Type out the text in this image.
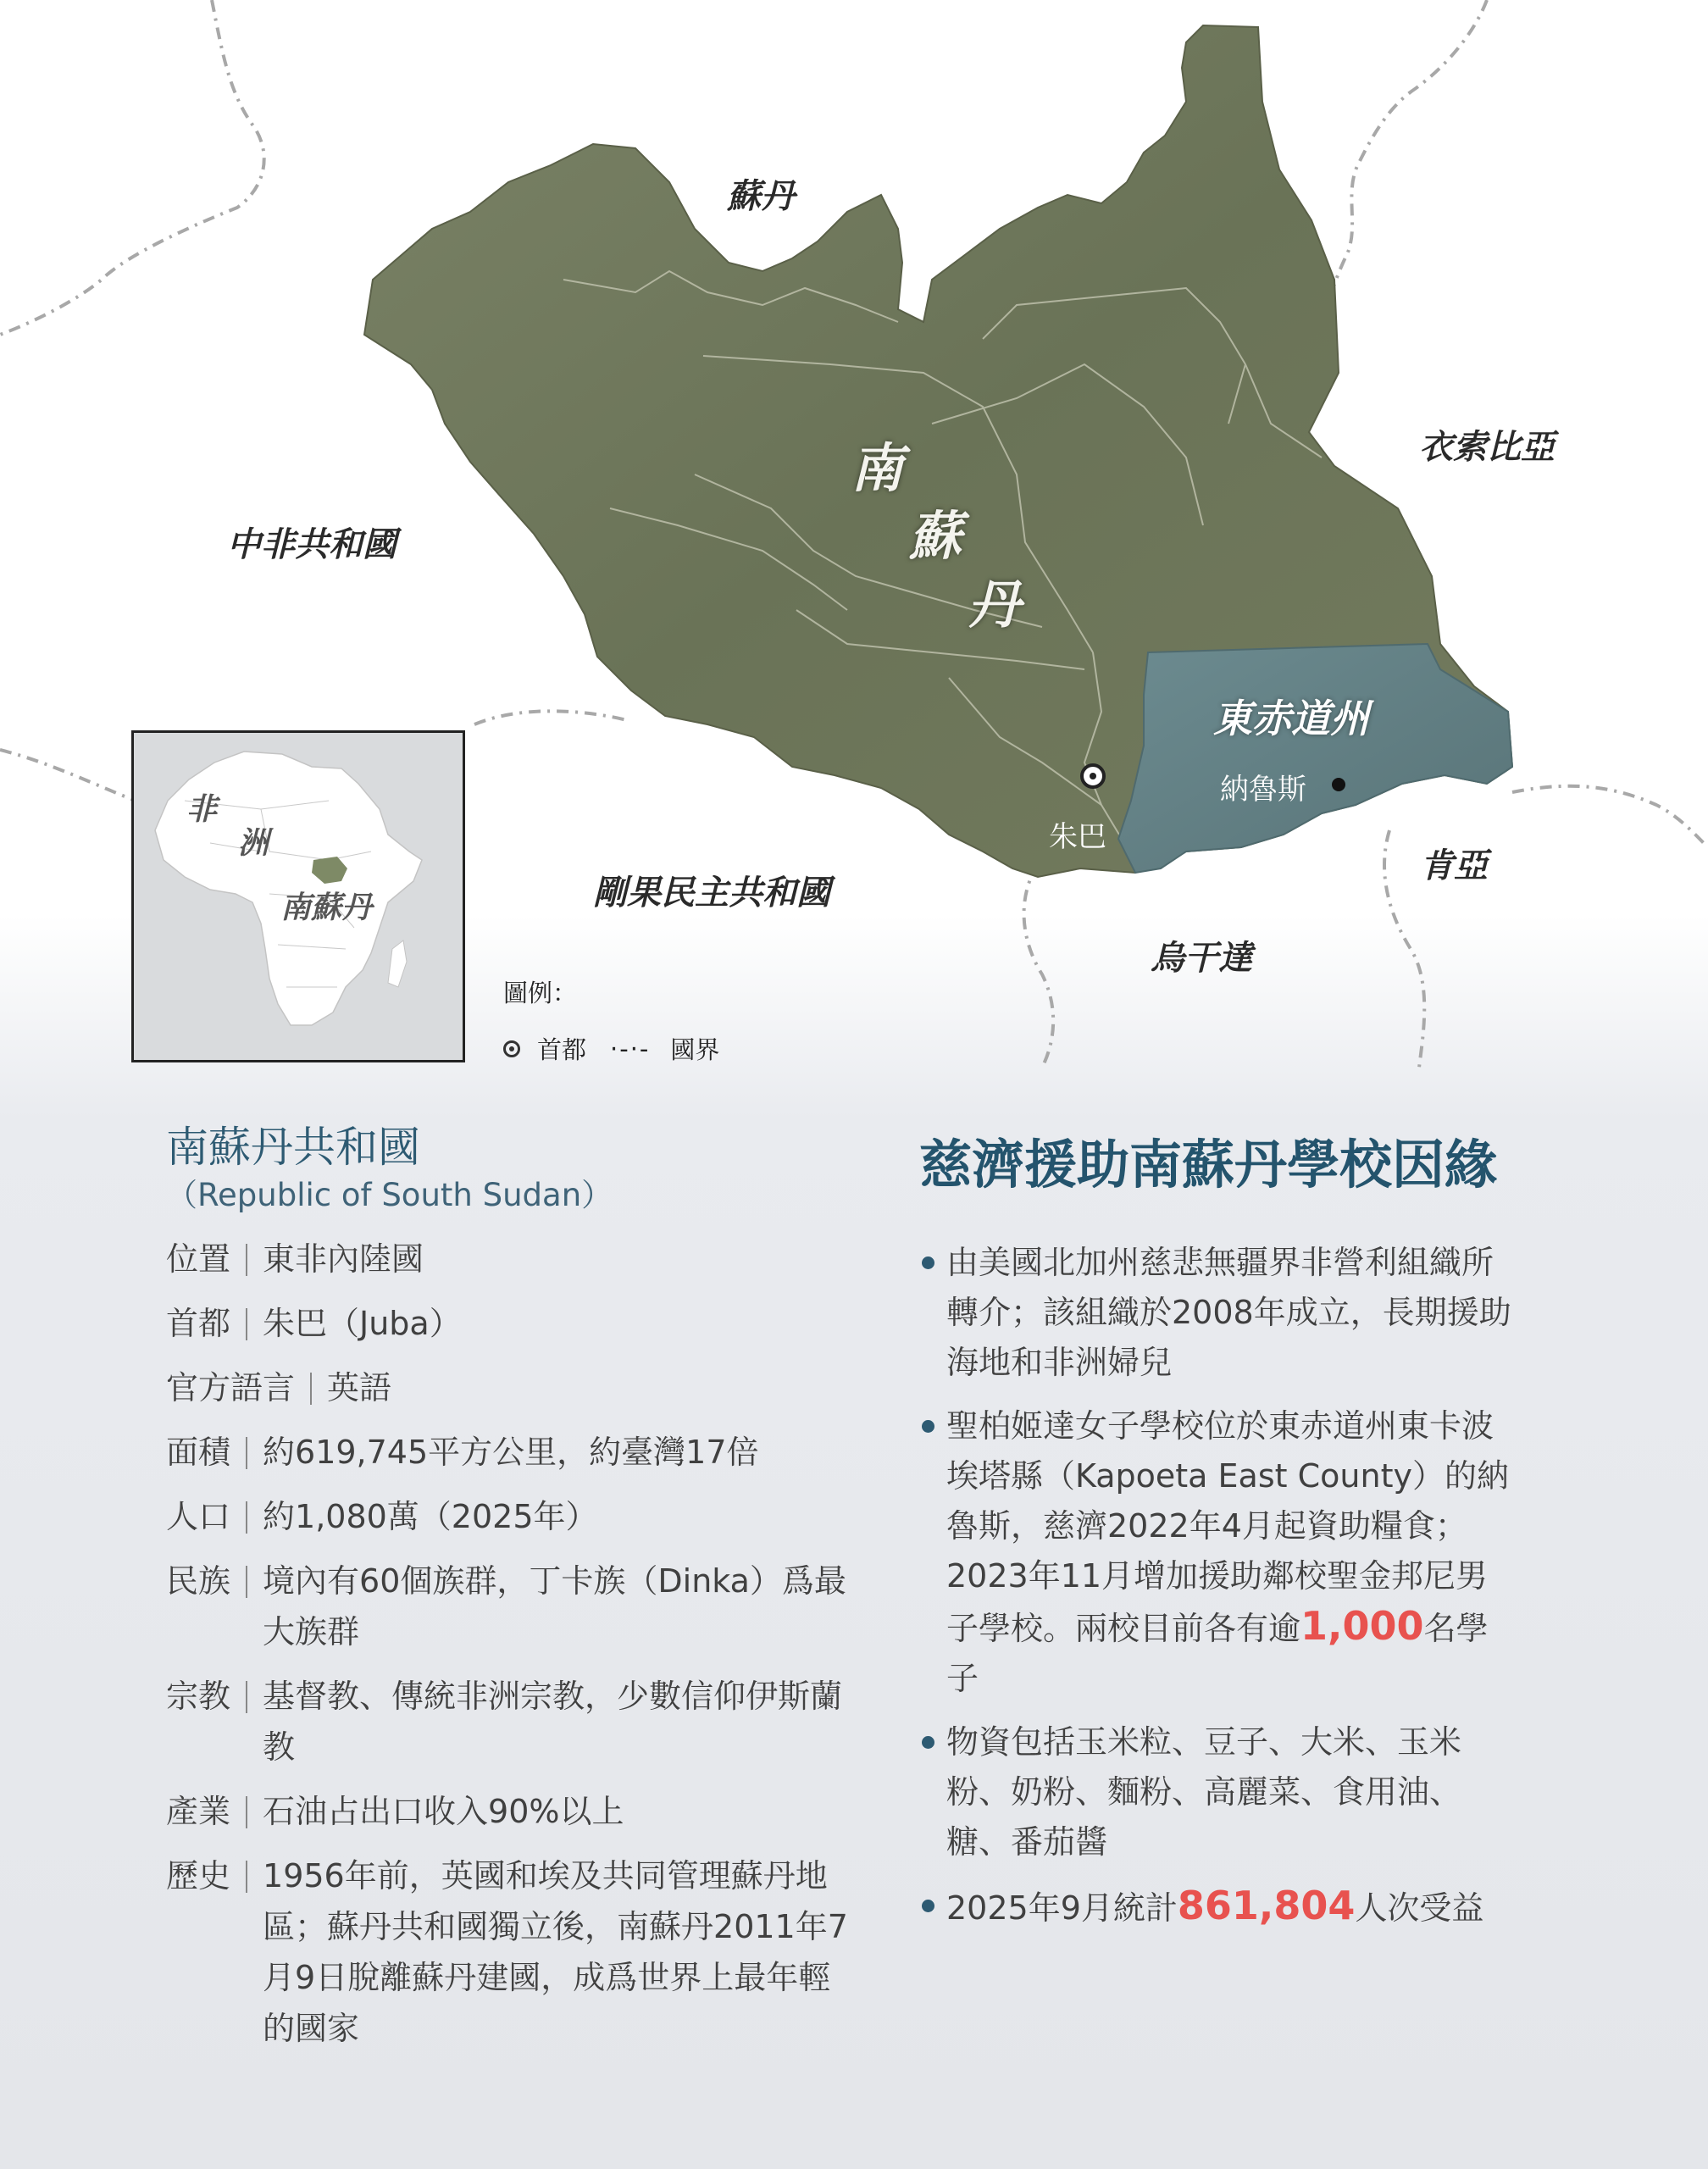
蘇丹
衣索比亞
中非共和國
剛果民主共和國
烏干達
肯亞
南
蘇
丹
東赤道州
朱巴
納魯斯
非
洲
南蘇丹
圖例：
首都 ·-·- 國界
南蘇丹共和國
（Republic of South Sudan）
位置 東非內陸國
首都 朱巴（Juba）
官方語言 英語
面積 約619,745平方公里，約臺灣17倍
人口 約1,080萬（2025年）
民族 境內有60個族群，丁卡族（Dinka）爲最大族群
宗教 基督教、傳統非洲宗教，少數信仰伊斯蘭教
產業 石油占出口收入90%以上
歷史 1956年前，英國和埃及共同管理蘇丹地區；蘇丹共和國獨立後，南蘇丹2011年7月9日脫離蘇丹建國，成爲世界上最年輕的國家
慈濟援助南蘇丹學校因緣
由美國北加州慈悲無疆界非營利組織所轉介；該組織於2008年成立，長期援助海地和非洲婦兒
聖柏姬達女子學校位於東赤道州東卡波埃塔縣（Kapoeta East County）的納魯斯，慈濟2022年4月起資助糧食；2023年11月增加援助鄰校聖金邦尼男子學校。兩校目前各有逾1,000名學子
物資包括玉米粒、豆子、大米、玉米粉、奶粉、麵粉、高麗菜、食用油、糖、番茄醬
2025年9月統計861,804人次受益
